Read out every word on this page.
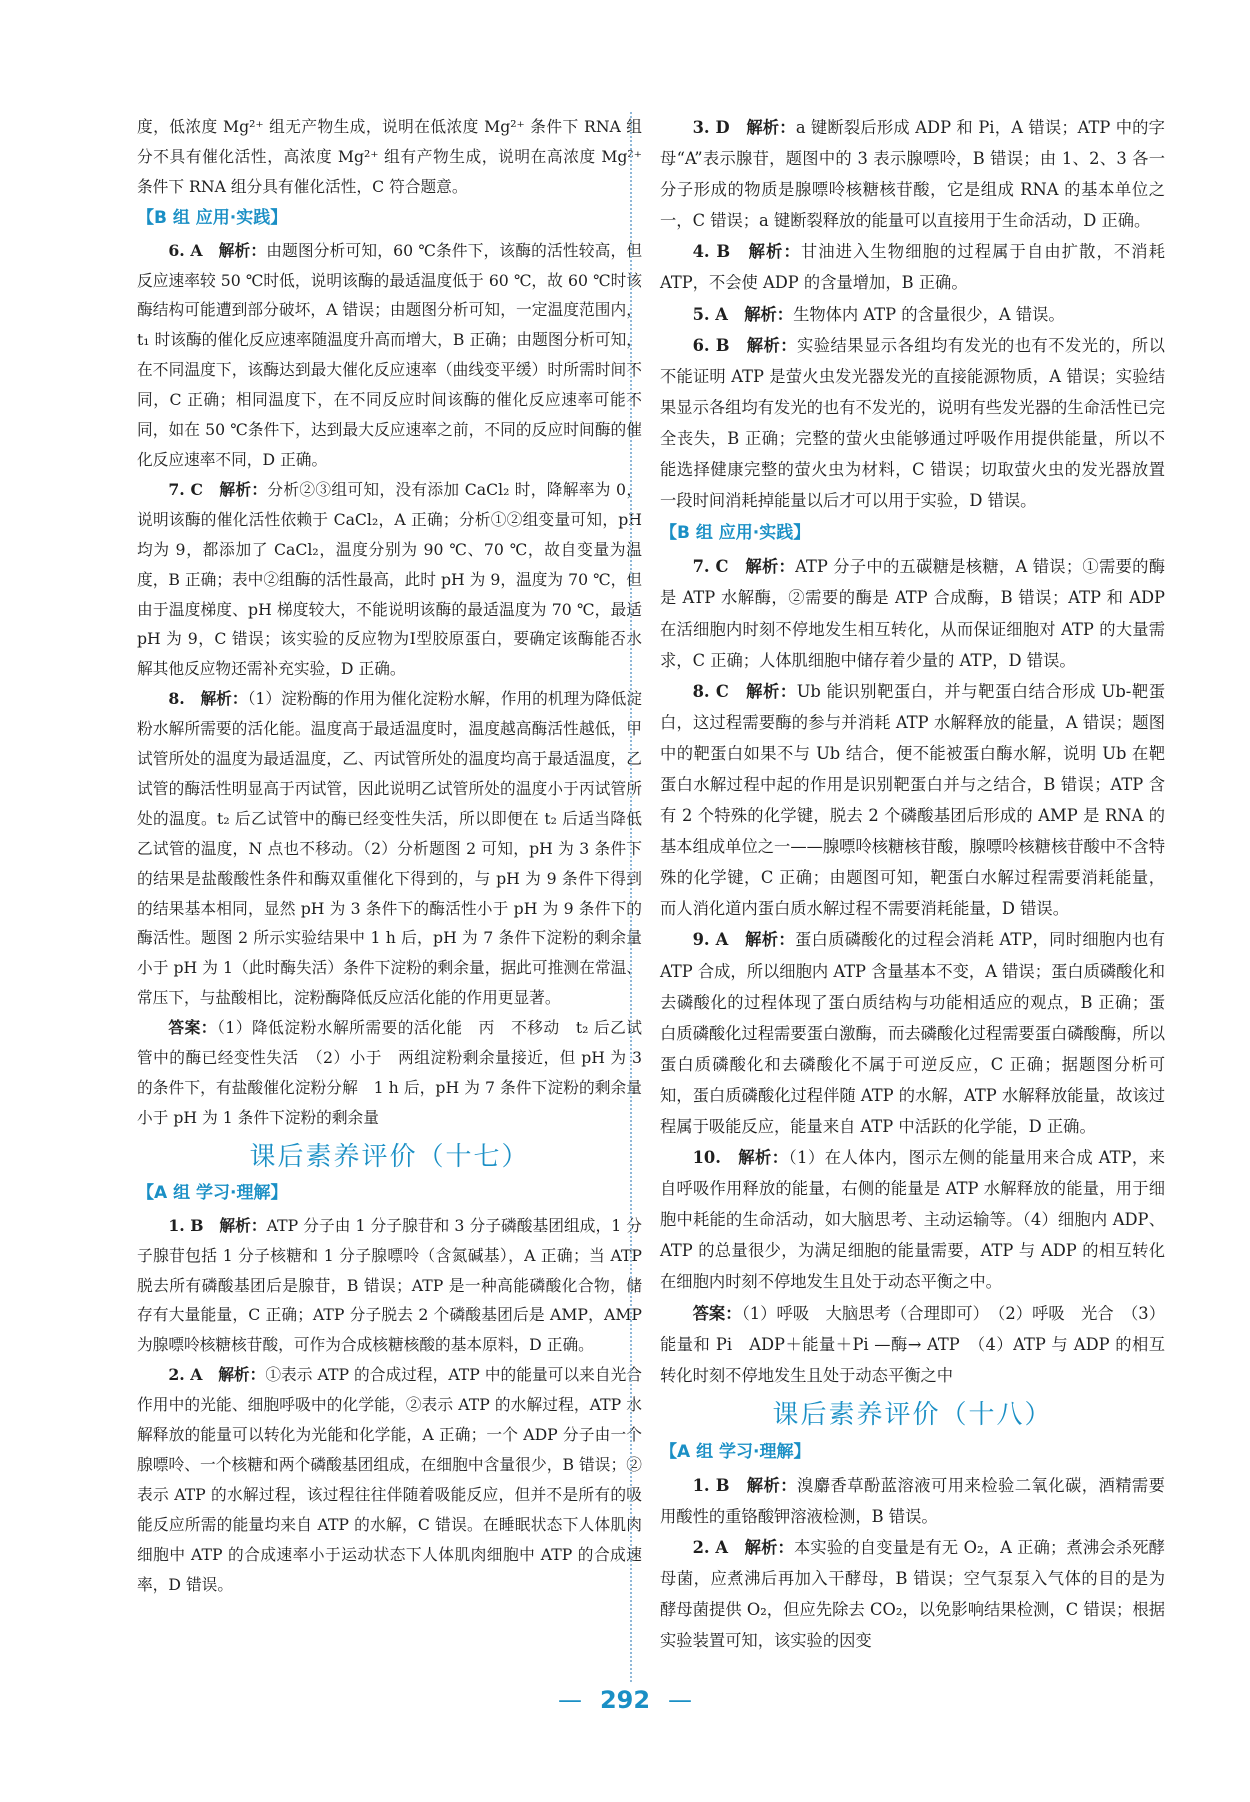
度，低浓度 Mg²⁺ 组无产物生成，说明在低浓度 Mg²⁺ 条件下 RNA 组分不具有催化活性，高浓度 Mg²⁺ 组有产物生成，说明在高浓度 Mg²⁺ 条件下 RNA 组分具有催化活性，C 符合题意。

【B 组 应用·实践】

6. A　 解析：由题图分析可知，60 ℃条件下，该酶的活性较高，但反应速率较 50 ℃时低，说明该酶的最适温度低于 60 ℃，故 60 ℃时该酶结构可能遭到部分破坏，A 错误；由题图分析可知，一定温度范围内，t₁ 时该酶的催化反应速率随温度升高而增大，B 正确；由题图分析可知，在不同温度下，该酶达到最大催化反应速率（曲线变平缓）时所需时间不同，C 正确；相同温度下，在不同反应时间该酶的催化反应速率可能不同，如在 50 ℃条件下，达到最大反应速率之前，不同的反应时间酶的催化反应速率不同，D 正确。

7. C　 解析：分析②③组可知，没有添加 CaCl₂ 时，降解率为 0，说明该酶的催化活性依赖于 CaCl₂，A 正确；分析①②组变量可知，pH 均为 9，都添加了 CaCl₂，温度分别为 90 ℃、70 ℃，故自变量为温度，B 正确；表中②组酶的活性最高，此时 pH 为 9，温度为 70 ℃，但由于温度梯度、pH 梯度较大，不能说明该酶的最适温度为 70 ℃，最适 pH 为 9，C 错误；该实验的反应物为Ⅰ型胶原蛋白，要确定该酶能否水解其他反应物还需补充实验，D 正确。

8.　 解析：（1）淀粉酶的作用为催化淀粉水解，作用的机理为降低淀粉水解所需要的活化能。温度高于最适温度时，温度越高酶活性越低，甲试管所处的温度为最适温度，乙、丙试管所处的温度均高于最适温度，乙试管的酶活性明显高于丙试管，因此说明乙试管所处的温度小于丙试管所处的温度。t₂ 后乙试管中的酶已经变性失活，所以即便在 t₂ 后适当降低乙试管的温度，N 点也不移动。（2）分析题图 2 可知，pH 为 3 条件下的结果是盐酸酸性条件和酶双重催化下得到的，与 pH 为 9 条件下得到的结果基本相同，显然 pH 为 3 条件下的酶活性小于 pH 为 9 条件下的酶活性。题图 2 所示实验结果中 1 h 后，pH 为 7 条件下淀粉的剩余量小于 pH 为 1（此时酶失活）条件下淀粉的剩余量，据此可推测在常温、常压下，与盐酸相比，淀粉酶降低反应活化能的作用更显著。

答案：（1）降低淀粉水解所需要的活化能　丙　不移动　t₂ 后乙试管中的酶已经变性失活　（2）小于　两组淀粉剩余量接近，但 pH 为 3 的条件下，有盐酸催化淀粉分解　1 h 后，pH 为 7 条件下淀粉的剩余量小于 pH 为 1 条件下淀粉的剩余量

课后素养评价（十七）
【A 组 学习·理解】

1. B　 解析：ATP 分子由 1 分子腺苷和 3 分子磷酸基团组成，1 分子腺苷包括 1 分子核糖和 1 分子腺嘌呤（含氮碱基），A 正确；当 ATP 脱去所有磷酸基团后是腺苷，B 错误；ATP 是一种高能磷酸化合物，储存有大量能量，C 正确；ATP 分子脱去 2 个磷酸基团后是 AMP，AMP 为腺嘌呤核糖核苷酸，可作为合成核糖核酸的基本原料，D 正确。

2. A　 解析：①表示 ATP 的合成过程，ATP 中的能量可以来自光合作用中的光能、细胞呼吸中的化学能，②表示 ATP 的水解过程，ATP 水解释放的能量可以转化为光能和化学能，A 正确；一个 ADP 分子由一个腺嘌呤、一个核糖和两个磷酸基团组成，在细胞中含量很少，B 错误；②表示 ATP 的水解过程，该过程往往伴随着吸能反应，但并不是所有的吸能反应所需的能量均来自 ATP 的水解，C 错误。在睡眠状态下人体肌肉细胞中 ATP 的合成速率小于运动状态下人体肌肉细胞中 ATP 的合成速率，D 错误。

3. D　 解析：a 键断裂后形成 ADP 和 Pi，A 错误；ATP 中的字母“A”表示腺苷，题图中的 3 表示腺嘌呤，B 错误；由 1、2、3 各一分子形成的物质是腺嘌呤核糖核苷酸，它是组成 RNA 的基本单位之一，C 错误；a 键断裂释放的能量可以直接用于生命活动，D 正确。

4. B　 解析：甘油进入生物细胞的过程属于自由扩散，不消耗 ATP，不会使 ADP 的含量增加，B 正确。

5. A　 解析：生物体内 ATP 的含量很少，A 错误。

6. B　 解析：实验结果显示各组均有发光的也有不发光的，所以不能证明 ATP 是萤火虫发光器发光的直接能源物质，A 错误；实验结果显示各组均有发光的也有不发光的，说明有些发光器的生命活性已完全丧失，B 正确；完整的萤火虫能够通过呼吸作用提供能量，所以不能选择健康完整的萤火虫为材料，C 错误；切取萤火虫的发光器放置一段时间消耗掉能量以后才可以用于实验，D 错误。

【B 组 应用·实践】

7. C　 解析：ATP 分子中的五碳糖是核糖，A 错误；①需要的酶是 ATP 水解酶，②需要的酶是 ATP 合成酶，B 错误；ATP 和 ADP 在活细胞内时刻不停地发生相互转化，从而保证细胞对 ATP 的大量需求，C 正确；人体肌细胞中储存着少量的 ATP，D 错误。

8. C　 解析：Ub 能识别靶蛋白，并与靶蛋白结合形成 Ub-靶蛋白，这过程需要酶的参与并消耗 ATP 水解释放的能量，A 错误；题图中的靶蛋白如果不与 Ub 结合，便不能被蛋白酶水解，说明 Ub 在靶蛋白水解过程中起的作用是识别靶蛋白并与之结合，B 错误；ATP 含有 2 个特殊的化学键，脱去 2 个磷酸基团后形成的 AMP 是 RNA 的基本组成单位之一——腺嘌呤核糖核苷酸，腺嘌呤核糖核苷酸中不含特殊的化学键，C 正确；由题图可知，靶蛋白水解过程需要消耗能量，而人消化道内蛋白质水解过程不需要消耗能量，D 错误。

9. A　 解析：蛋白质磷酸化的过程会消耗 ATP，同时细胞内也有 ATP 合成，所以细胞内 ATP 含量基本不变，A 错误；蛋白质磷酸化和去磷酸化的过程体现了蛋白质结构与功能相适应的观点，B 正确；蛋白质磷酸化过程需要蛋白激酶，而去磷酸化过程需要蛋白磷酸酶，所以蛋白质磷酸化和去磷酸化不属于可逆反应，C 正确；据题图分析可知，蛋白质磷酸化过程伴随 ATP 的水解，ATP 水解释放能量，故该过程属于吸能反应，能量来自 ATP 中活跃的化学能，D 正确。

10.　 解析：（1）在人体内，图示左侧的能量用来合成 ATP，来自呼吸作用释放的能量，右侧的能量是 ATP 水解释放的能量，用于细胞中耗能的生命活动，如大脑思考、主动运输等。（4）细胞内 ADP、ATP 的总量很少，为满足细胞的能量需要，ATP 与 ADP 的相互转化在细胞内时刻不停地发生且处于动态平衡之中。

答案：（1）呼吸　大脑思考（合理即可）　（2）呼吸　光合　（3）能量和 Pi　ADP＋能量＋Pi —酶→ ATP　（4）ATP 与 ADP 的相互转化时刻不停地发生且处于动态平衡之中

课后素养评价（十八）
【A 组 学习·理解】

1. B　 解析：溴麝香草酚蓝溶液可用来检验二氧化碳，酒精需要用酸性的重铬酸钾溶液检测，B 错误。

2. A　 解析：本实验的自变量是有无 O₂，A 正确；煮沸会杀死酵母菌，应煮沸后再加入干酵母，B 错误；空气泵泵入气体的目的是为酵母菌提供 O₂，但应先除去 CO₂，以免影响结果检测，C 错误；根据实验装置可知，该实验的因变

— 292 —
